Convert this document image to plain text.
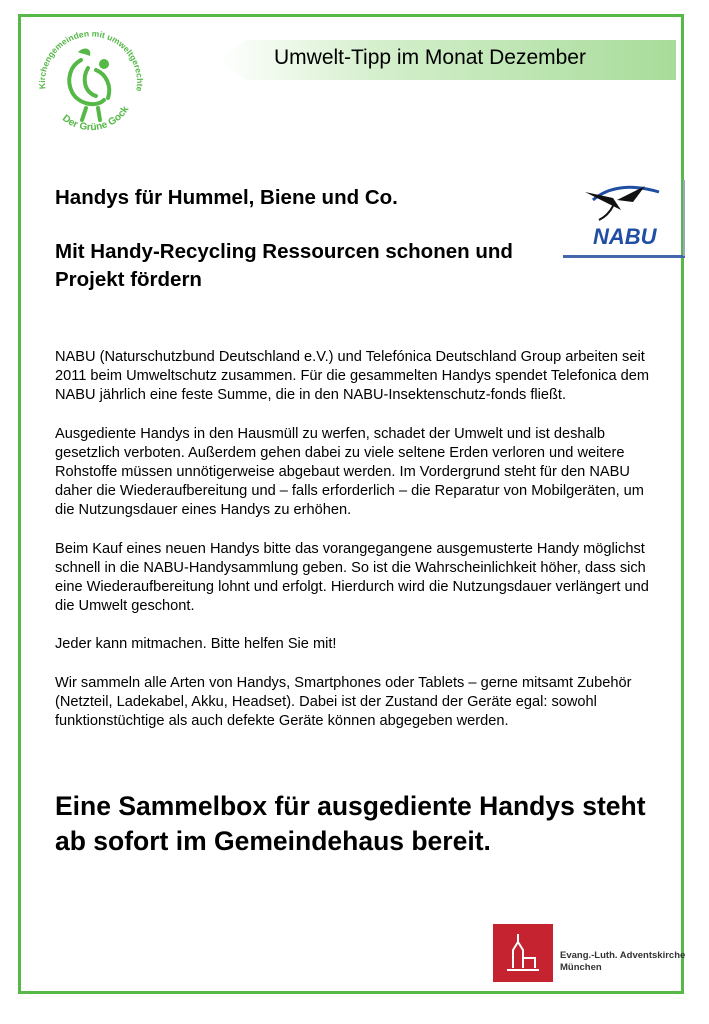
Kirchengemeinden mit umweltgerechte
Der Grüne Gock
Umwelt-Tipp im Monat Dezember
NABU
Handys für Hummel, Biene und Co.
Mit Handy-Recycling Ressourcen schonen und Projekt fördern

NABU (Naturschutzbund Deutschland e.V.) und Telefónica Deutschland Group arbeiten seit 2011 beim Umweltschutz zusammen. Für die gesammelten Handys spendet Telefonica dem NABU jährlich eine feste Summe, die in den NABU-Insektenschutz-fonds fließt.

Ausgediente Handys in den Hausmüll zu werfen, schadet der Umwelt und ist deshalb gesetzlich verboten. Außerdem gehen dabei zu viele seltene Erden verloren und weitere Rohstoffe müssen unnötigerweise abgebaut werden. Im Vordergrund steht für den NABU daher die Wiederaufbereitung und – falls erforderlich – die Reparatur von Mobilgeräten, um die Nutzungsdauer eines Handys zu erhöhen.

Beim Kauf eines neuen Handys bitte das vorangegangene ausgemusterte Handy möglichst schnell in die NABU-Handysammlung geben. So ist die Wahrscheinlichkeit höher, dass sich eine Wiederaufbereitung lohnt und erfolgt. Hierdurch wird die Nutzungsdauer verlängert und die Umwelt geschont.

Jeder kann mitmachen. Bitte helfen Sie mit!

Wir sammeln alle Arten von Handys, Smartphones oder Tablets – gerne mitsamt Zubehör (Netzteil, Ladekabel, Akku, Headset). Dabei ist der Zustand der Geräte egal: sowohl funktionstüchtige als auch defekte Geräte können abgegeben werden.

Eine Sammelbox für ausgediente Handys steht ab sofort im Gemeindehaus bereit.

Evang.-Luth. Adventskirche
München
